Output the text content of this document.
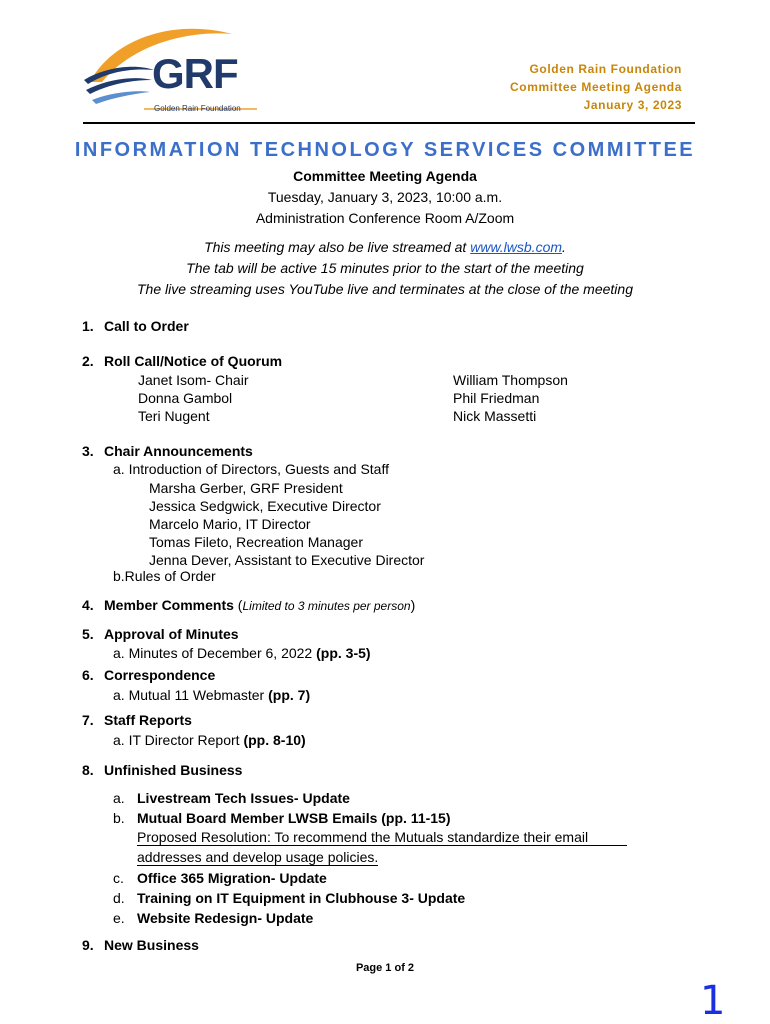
GRF
Golden Rain Foundation
Golden Rain Foundation
Committee Meeting Agenda
January 3, 2023
INFORMATION TECHNOLOGY SERVICES COMMITTEE
Committee Meeting Agenda
Tuesday, January 3, 2023, 10:00 a.m.
Administration Conference Room A/Zoom
This meeting may also be live streamed at www.lwsb.com.
The tab will be active 15 minutes prior to the start of the meeting
The live streaming uses YouTube live and terminates at the close of the meeting
1. Call to Order
2. Roll Call/Notice of Quorum
Janet Isom- Chair
Donna Gambol
Teri Nugent
William Thompson
Phil Friedman
Nick Massetti
3. Chair Announcements
a. Introduction of Directors, Guests and Staff
Marsha Gerber, GRF President
Jessica Sedgwick, Executive Director
Marcelo Mario, IT Director
Tomas Fileto, Recreation Manager
Jenna Dever, Assistant to Executive Director
b.Rules of Order
4. Member Comments (Limited to 3 minutes per person)
5. Approval of Minutes
a. Minutes of December 6, 2022 (pp. 3-5)
6. Correspondence
a. Mutual 11 Webmaster (pp. 7)
7. Staff Reports
a. IT Director Report (pp. 8-10)
8. Unfinished Business
a. Livestream Tech Issues- Update
b. Mutual Board Member LWSB Emails (pp. 11-15)
Proposed Resolution: To recommend the Mutuals standardize their email
addresses and develop usage policies.
c. Office 365 Migration- Update
d. Training on IT Equipment in Clubhouse 3- Update
e. Website Redesign- Update
9. New Business
Page 1 of 2
1
